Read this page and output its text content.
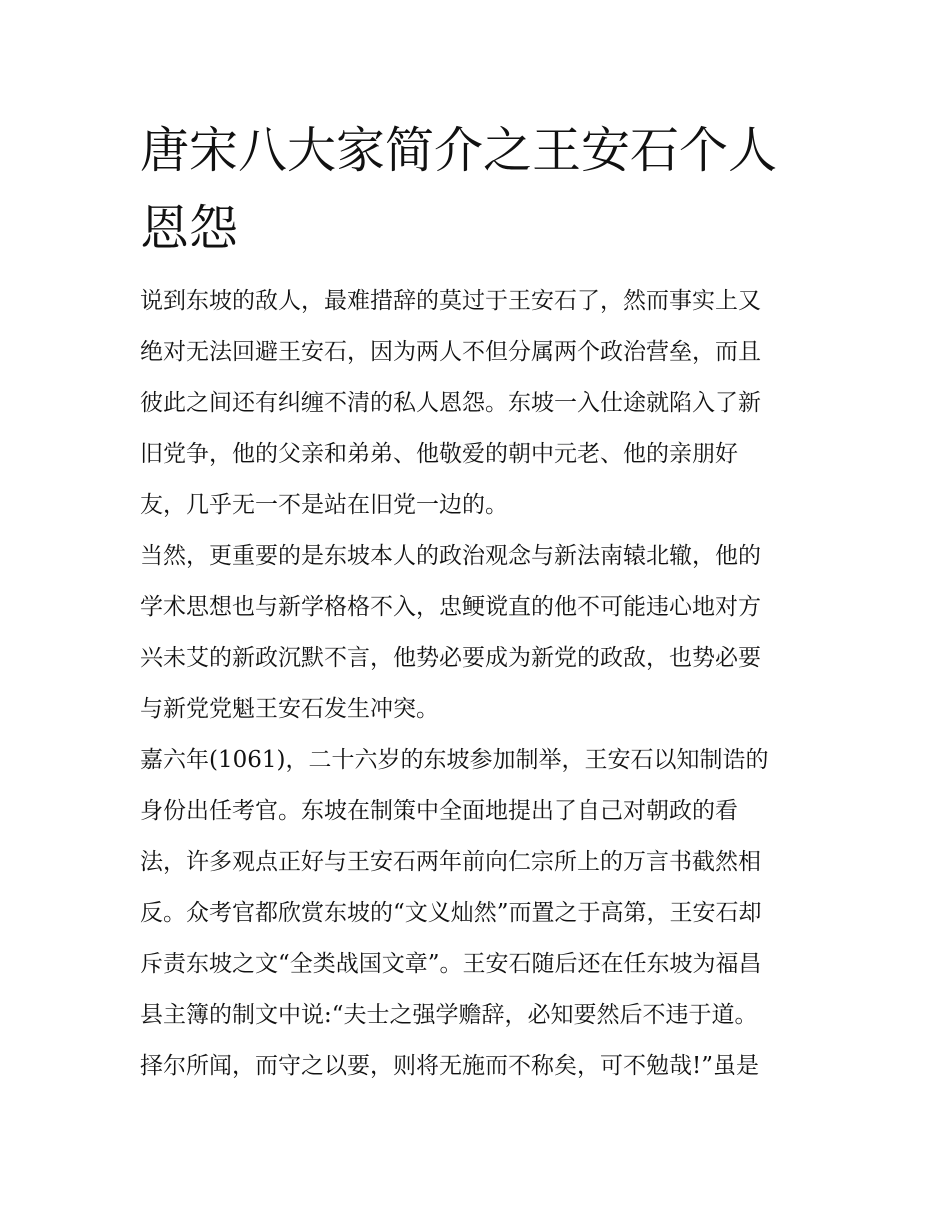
唐宋八大家简介之王安石个人
恩怨
说到东坡的敌人，最难措辞的莫过于王安石了，然而事实上又
绝对无法回避王安石，因为两人不但分属两个政治营垒，而且
彼此之间还有纠缠不清的私人恩怨。东坡一入仕途就陷入了新
旧党争，他的父亲和弟弟、他敬爱的朝中元老、他的亲朋好
友，几乎无一不是站在旧党一边的。
当然，更重要的是东坡本人的政治观念与新法南辕北辙，他的
学术思想也与新学格格不入，忠鲠谠直的他不可能违心地对方
兴未艾的新政沉默不言，他势必要成为新党的政敌，也势必要
与新党党魁王安石发生冲突。
嘉六年(1061)，二十六岁的东坡参加制举，王安石以知制诰的
身份出任考官。东坡在制策中全面地提出了自己对朝政的看
法，许多观点正好与王安石两年前向仁宗所上的万言书截然相
反。众考官都欣赏东坡的“文义灿然”而置之于高第，王安石却
斥责东坡之文“全类战国文章”。王安石随后还在任东坡为福昌
县主簿的制文中说:“夫士之强学赡辞，必知要然后不违于道。
择尔所闻，而守之以要，则将无施而不称矣，可不勉哉!”虽是
